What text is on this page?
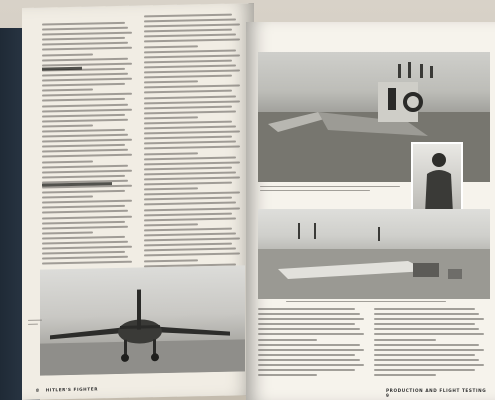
8 HITLER'S FIGHTER	PRODUCTION AND FLIGHT TESTING   9
